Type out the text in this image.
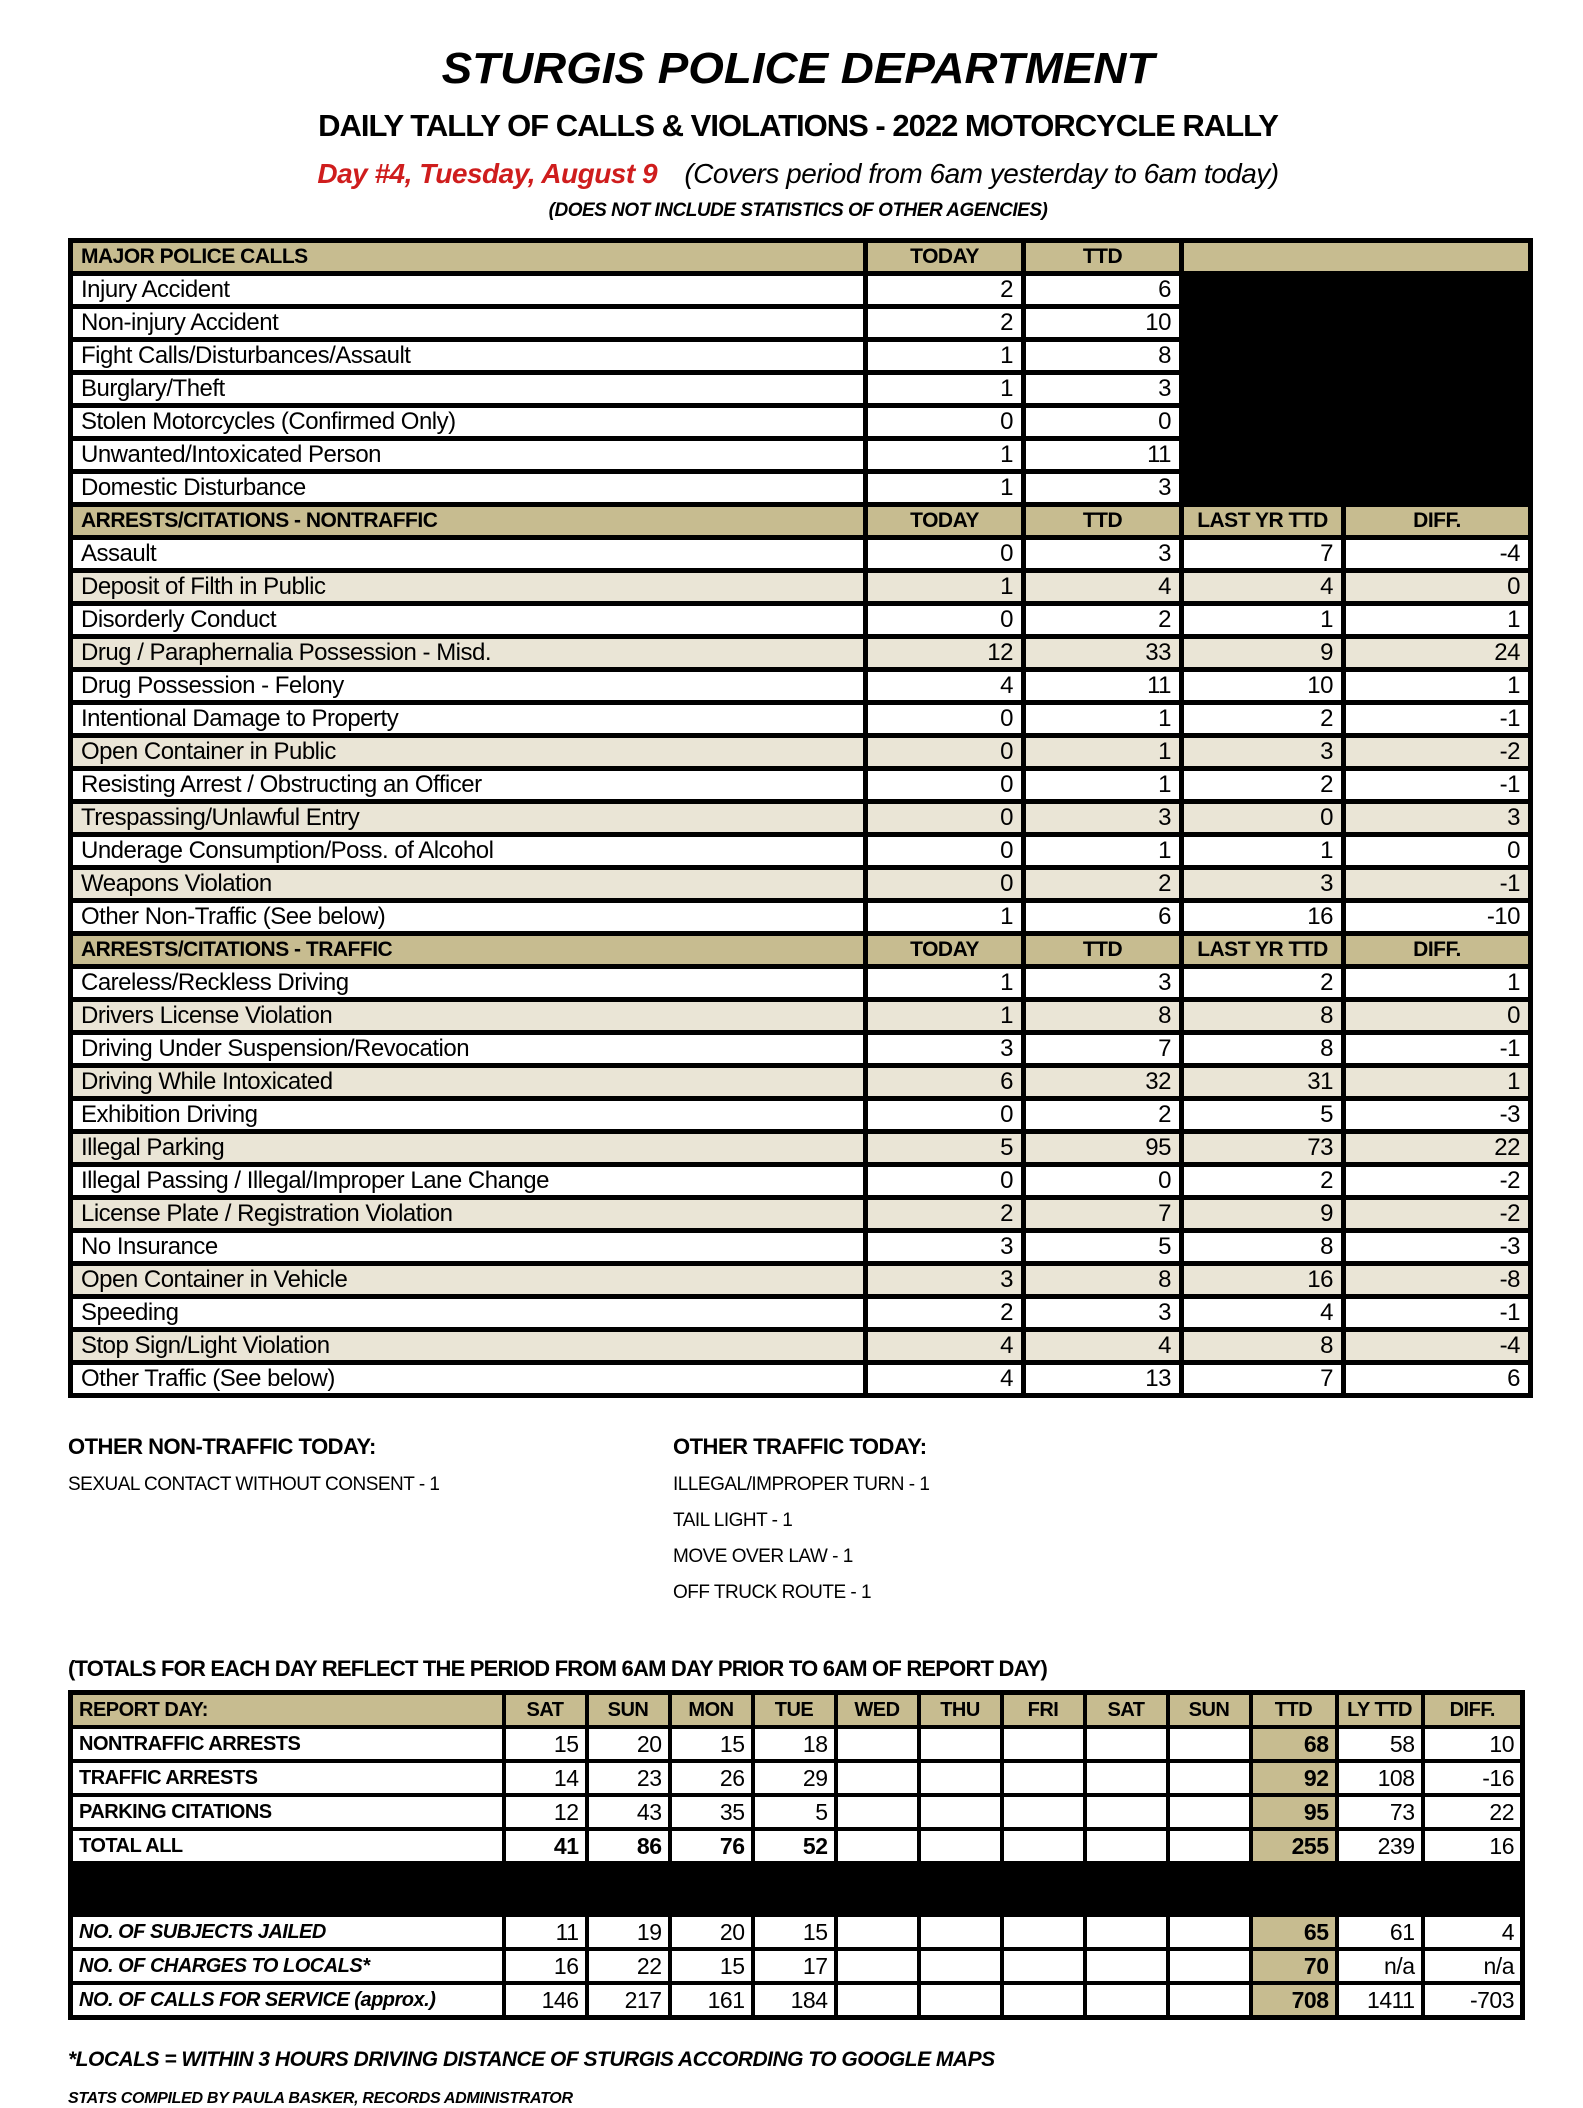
STURGIS POLICE DEPARTMENT
DAILY TALLY OF CALLS & VIOLATIONS - 2022 MOTORCYCLE RALLY
Day #4, Tuesday, August 9 (Covers period from 6am yesterday to 6am today)
(DOES NOT INCLUDE STATISTICS OF OTHER AGENCIES)
MAJOR POLICE CALLS	TODAY	TTD		
Injury Accident	2	6		
Non-injury Accident	2	10		
Fight Calls/Disturbances/Assault	1	8		
Burglary/Theft	1	3		
Stolen Motorcycles (Confirmed Only)	0	0		
Unwanted/Intoxicated Person	1	11		
Domestic Disturbance	1	3		
ARRESTS/CITATIONS - NONTRAFFIC	TODAY	TTD	LAST YR TTD	DIFF.
Assault	0	3	7	-4
Deposit of Filth in Public	1	4	4	0
Disorderly Conduct	0	2	1	1
Drug / Paraphernalia Possession - Misd.	12	33	9	24
Drug Possession - Felony	4	11	10	1
Intentional Damage to Property	0	1	2	-1
Open Container in Public	0	1	3	-2
Resisting Arrest / Obstructing an Officer	0	1	2	-1
Trespassing/Unlawful Entry	0	3	0	3
Underage Consumption/Poss. of Alcohol	0	1	1	0
Weapons Violation	0	2	3	-1
Other Non-Traffic (See below)	1	6	16	-10
ARRESTS/CITATIONS - TRAFFIC	TODAY	TTD	LAST YR TTD	DIFF.
Careless/Reckless Driving	1	3	2	1
Drivers License Violation	1	8	8	0
Driving Under Suspension/Revocation	3	7	8	-1
Driving While Intoxicated	6	32	31	1
Exhibition Driving	0	2	5	-3
Illegal Parking	5	95	73	22
Illegal Passing / Illegal/Improper Lane Change	0	0	2	-2
License Plate / Registration Violation	2	7	9	-2
No Insurance	3	5	8	-3
Open Container in Vehicle	3	8	16	-8
Speeding	2	3	4	-1
Stop Sign/Light Violation	4	4	8	-4
Other Traffic (See below)	4	13	7	6
OTHER NON-TRAFFIC TODAY:
SEXUAL CONTACT WITHOUT CONSENT - 1
OTHER TRAFFIC TODAY:
ILLEGAL/IMPROPER TURN - 1
TAIL LIGHT - 1
MOVE OVER LAW - 1
OFF TRUCK ROUTE - 1
(TOTALS FOR EACH DAY REFLECT THE PERIOD FROM 6AM DAY PRIOR TO 6AM OF REPORT DAY)
REPORT DAY:	SAT	SUN	MON	TUE	WED	THU	FRI	SAT	SUN	TTD	LY TTD	DIFF.
NONTRAFFIC ARRESTS	15	20	15	18						68	58	10
TRAFFIC ARRESTS	14	23	26	29						92	108	-16
PARKING CITATIONS	12	43	35	5						95	73	22
TOTAL ALL	41	86	76	52						255	239	16

NO. OF SUBJECTS JAILED	11	19	20	15						65	61	4
NO. OF CHARGES TO LOCALS*	16	22	15	17						70	n/a	n/a
NO. OF CALLS FOR SERVICE (approx.)	146	217	161	184						708	1411	-703
*LOCALS = WITHIN 3 HOURS DRIVING DISTANCE OF STURGIS ACCORDING TO GOOGLE MAPS
STATS COMPILED BY PAULA BASKER, RECORDS ADMINISTRATOR
